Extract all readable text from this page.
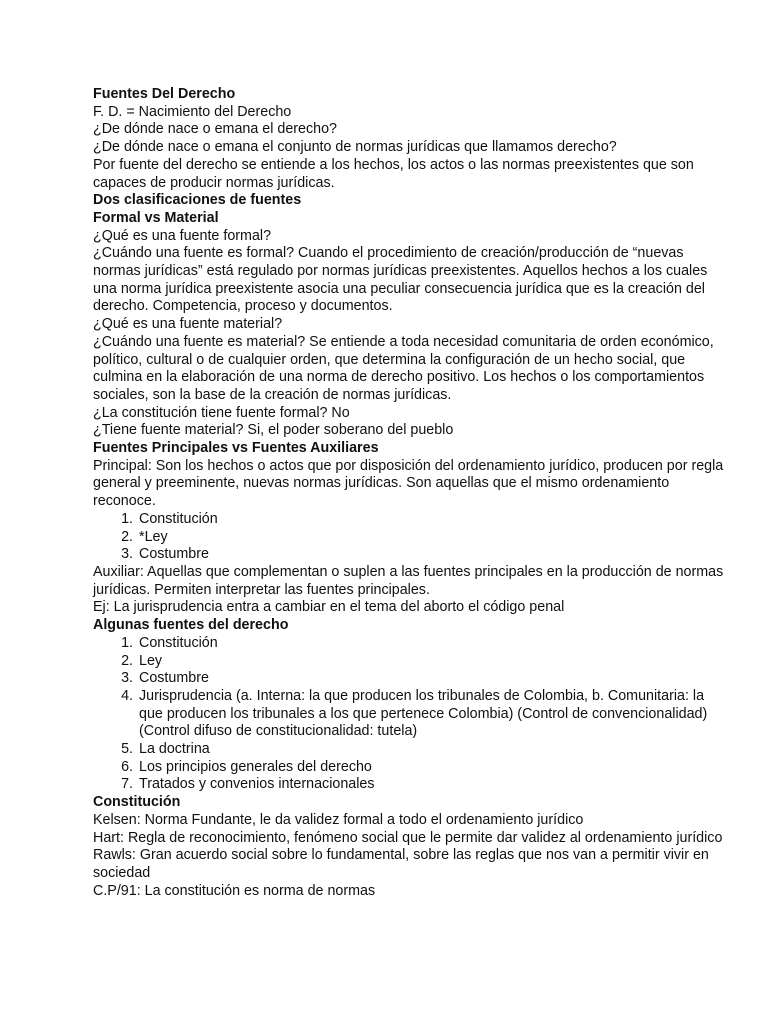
Fuentes Del Derecho

F. D. = Nacimiento del Derecho

¿De dónde nace o emana el derecho?

¿De dónde nace o emana el conjunto de normas jurídicas que llamamos derecho?

Por fuente del derecho se entiende a los hechos, los actos o las normas preexistentes que son capaces de producir normas jurídicas.

Dos clasificaciones de fuentes

Formal vs Material

¿Qué es una fuente formal?

¿Cuándo una fuente es formal? Cuando el procedimiento de creación/producción de “nuevas normas jurídicas” está regulado por normas jurídicas preexistentes. Aquellos hechos a los cuales una norma jurídica preexistente asocia una peculiar consecuencia jurídica que es la creación del derecho. Competencia, proceso y documentos.

¿Qué es una fuente material?

¿Cuándo una fuente es material? Se entiende a toda necesidad comunitaria de orden económico, político, cultural o de cualquier orden, que determina la configuración de un hecho social, que culmina en la elaboración de una norma de derecho positivo. Los hechos o los comportamientos sociales, son la base de la creación de normas jurídicas.

¿La constitución tiene fuente formal? No

¿Tiene fuente material? Si, el poder soberano del pueblo

Fuentes Principales vs Fuentes Auxiliares

Principal: Son los hechos o actos que por disposición del ordenamiento jurídico, producen por regla general y preeminente, nuevas normas jurídicas. Son aquellas que el mismo ordenamiento reconoce.

1. Constitución
2. *Ley
3. Costumbre

Auxiliar: Aquellas que complementan o suplen a las fuentes principales en la producción de normas jurídicas. Permiten interpretar las fuentes principales.

Ej: La jurisprudencia entra a cambiar en el tema del aborto el código penal

Algunas fuentes del derecho

1. Constitución
2. Ley
3. Costumbre
4. Jurisprudencia (a. Interna: la que producen los tribunales de Colombia, b. Comunitaria: la que producen los tribunales a los que pertenece Colombia) (Control de convencionalidad) (Control difuso de constitucionalidad: tutela)
5. La doctrina
6. Los principios generales del derecho
7. Tratados y convenios internacionales

Constitución

Kelsen: Norma Fundante, le da validez formal a todo el ordenamiento jurídico

Hart: Regla de reconocimiento, fenómeno social que le permite dar validez al ordenamiento jurídico

Rawls: Gran acuerdo social sobre lo fundamental, sobre las reglas que nos van a permitir vivir en sociedad

C.P/91: La constitución es norma de normas
